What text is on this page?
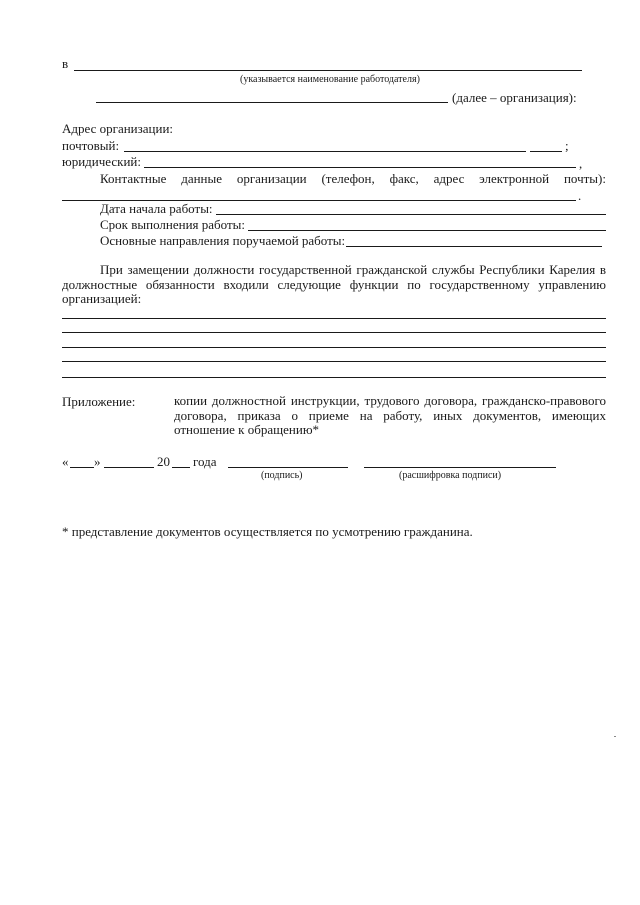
в
(указывается наименование работодателя)
(далее – организация):
Адрес организации:
почтовый:	;
юридический:	,
Контактные данные организации (телефон, факс, адрес электронной почты):
.
Дата начала работы:
Срок выполнения работы:
Основные направления поручаемой работы:
При замещении должности государственной гражданской службы Республики Карелия в должностные обязанности входили следующие функции по государственному управлению организацией:
Приложение:	копии должностной инструкции, трудового договора, гражданско-правового договора, приказа о приеме на работу, иных документов, имеющих отношение к обращению*
« »	20 года
(подпись)	(расшифровка подписи)
* представление документов осуществляется по усмотрению гражданина.
